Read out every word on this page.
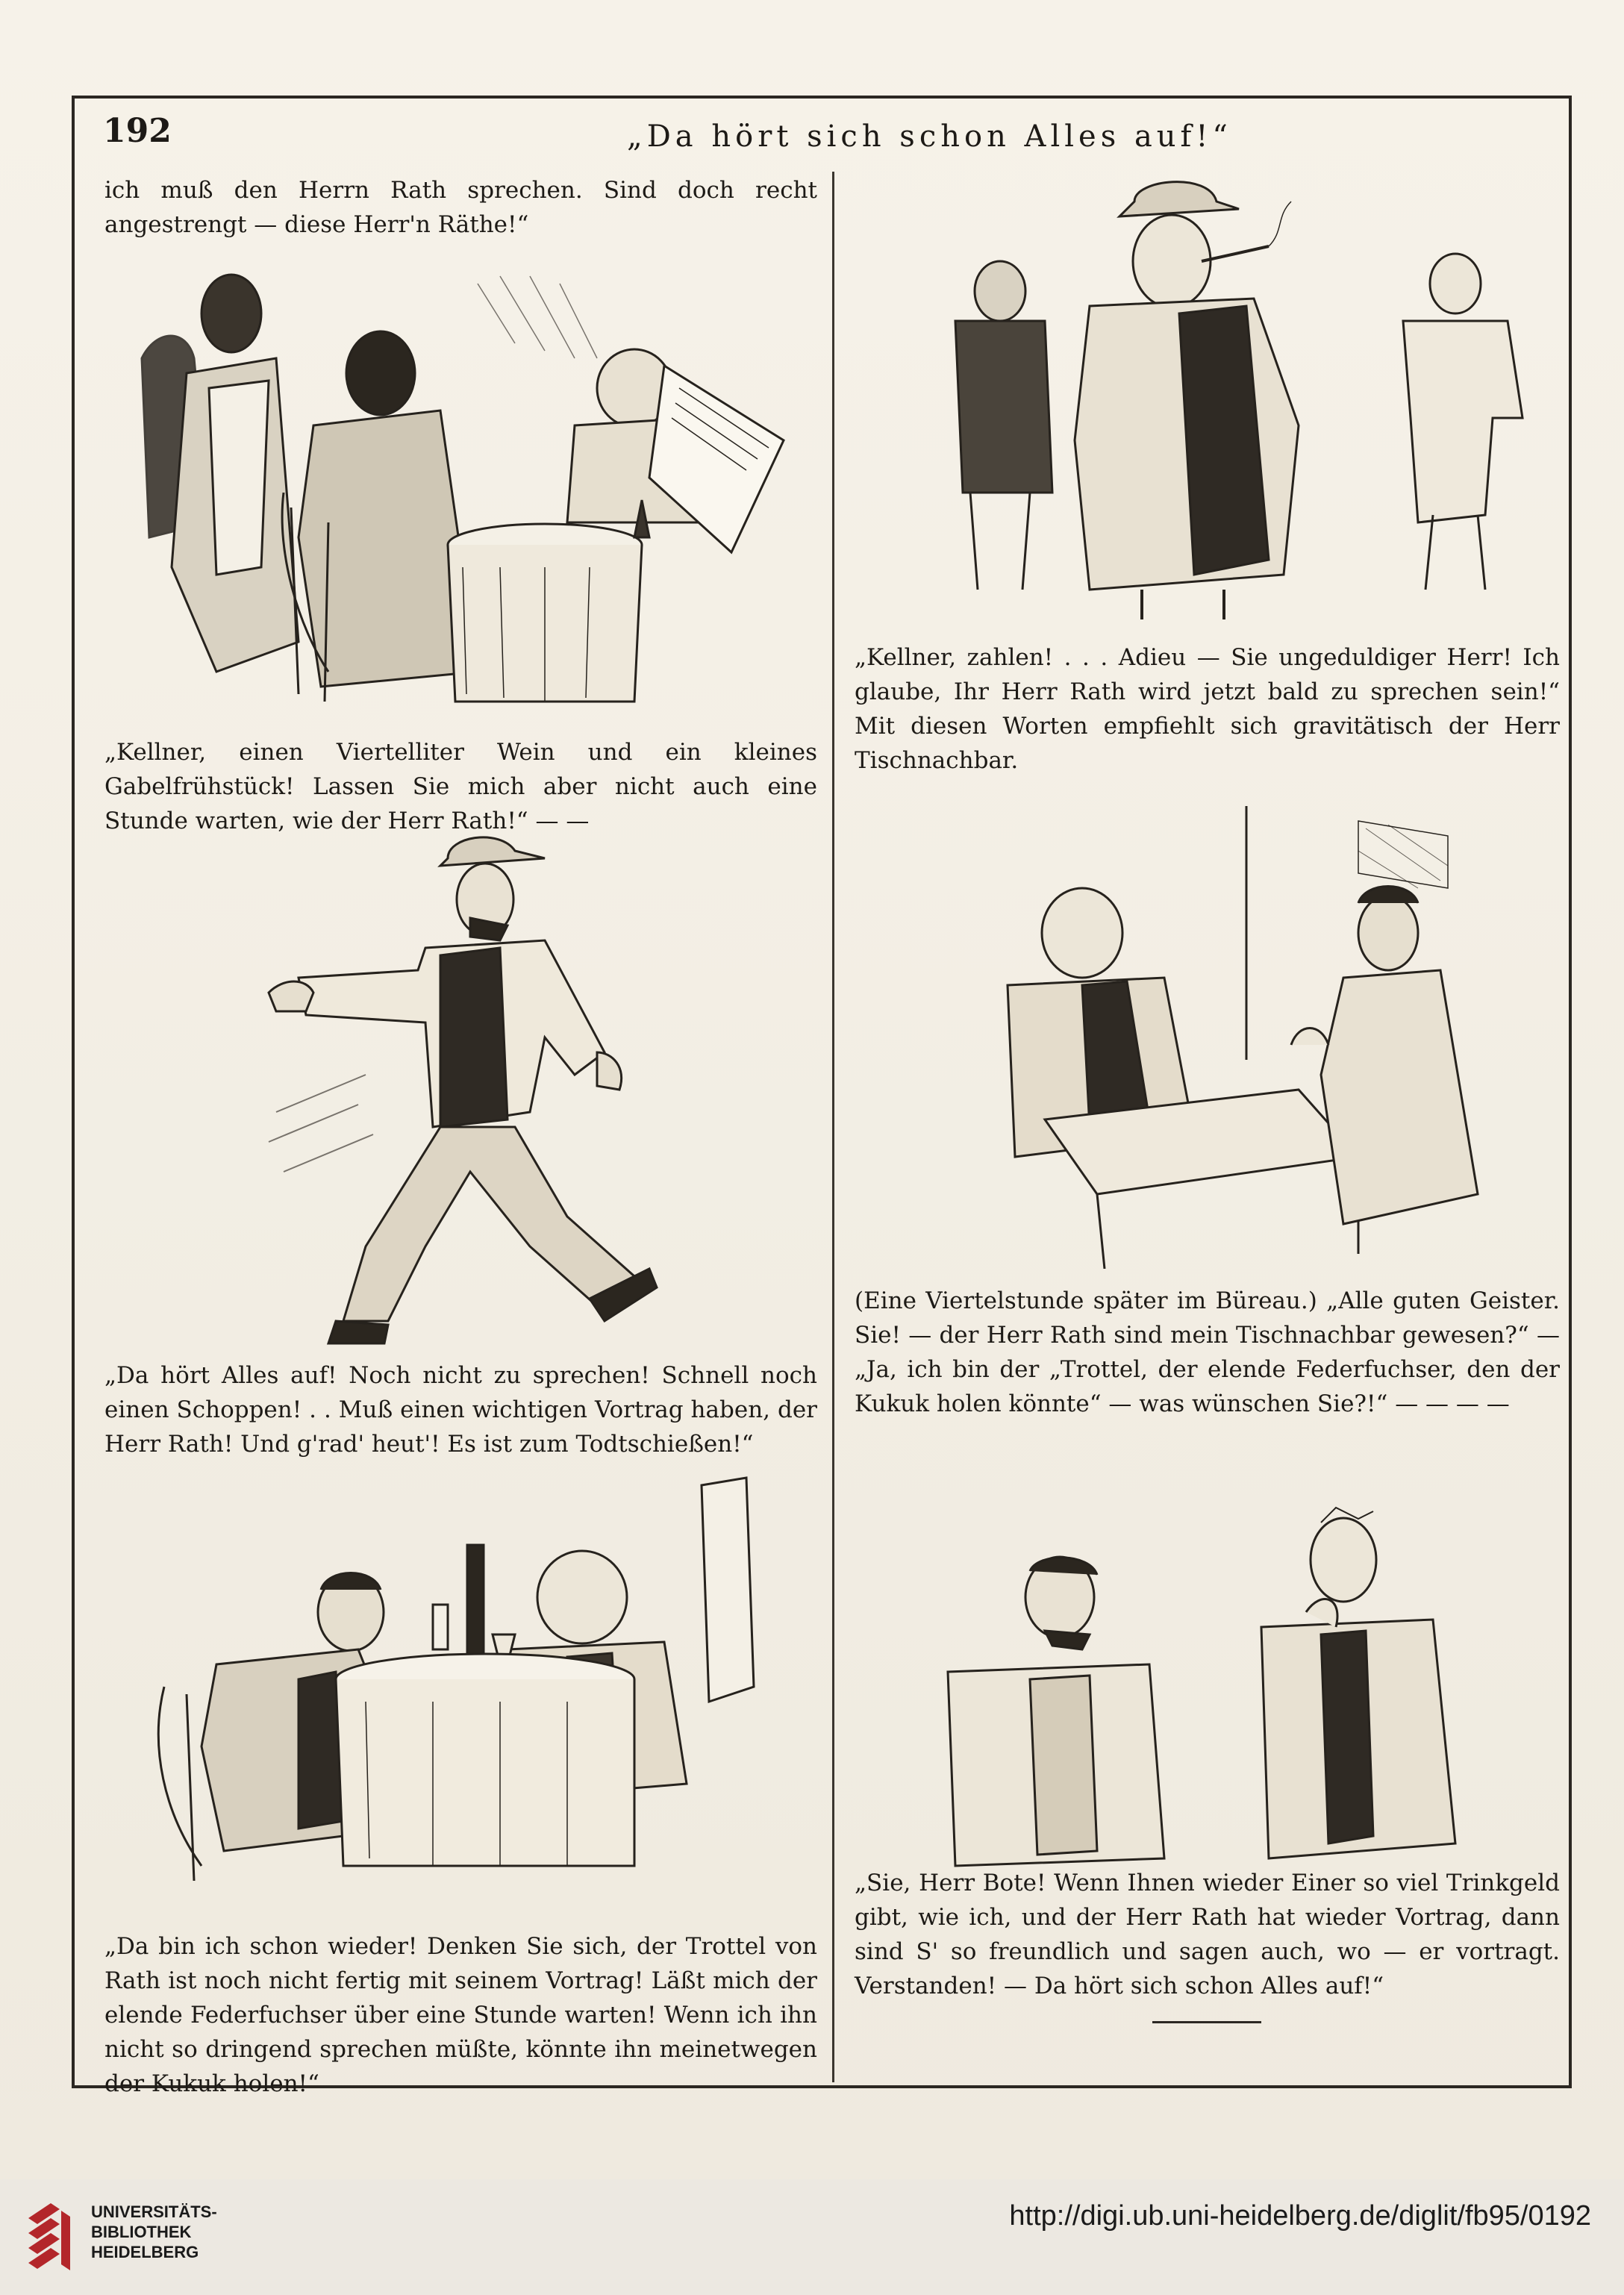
192	„Da hört sich schon Alles auf!“
ich muß den Herrn Rath sprechen. Sind doch recht angestrengt — diese Herr'n Räthe!“
„Kellner, einen Viertelliter Wein und ein kleines Gabelfrühstück! Lassen Sie mich aber nicht auch eine Stunde warten, wie der Herr Rath!“ — —
„Da hört Alles auf! Noch nicht zu sprechen! Schnell noch einen Schoppen! . . Muß einen wichtigen Vortrag haben, der Herr Rath! Und g'rad' heut'! Es ist zum Todtschießen!“
„Da bin ich schon wieder! Denken Sie sich, der Trottel von Rath ist noch nicht fertig mit seinem Vortrag! Läßt mich der elende Federfuchser über eine Stunde warten! Wenn ich ihn nicht so dringend sprechen müßte, könnte ihn meinetwegen der Kukuk holen!“
„Kellner, zahlen! . . . Adieu — Sie ungeduldiger Herr! Ich glaube, Ihr Herr Rath wird jetzt bald zu sprechen sein!“ Mit diesen Worten empfiehlt sich gravitätisch der Herr Tischnachbar.
(Eine Viertelstunde später im Büreau.) „Alle guten Geister. Sie! — der Herr Rath sind mein Tischnachbar gewesen?“ — „Ja, ich bin der „Trottel, der elende Federfuchser, den der Kukuk holen könnte“ — was wünschen Sie?!“ — — — —
„Sie, Herr Bote! Wenn Ihnen wieder Einer so viel Trinkgeld gibt, wie ich, und der Herr Rath hat wieder Vortrag, dann sind S' so freundlich und sagen auch, wo — er vortragt. Verstanden! — Da hört sich schon Alles auf!“
UNIVERSITÄTS-
BIBLIOTHEK
HEIDELBERG
http://digi.ub.uni-heidelberg.de/diglit/fb95/0192
